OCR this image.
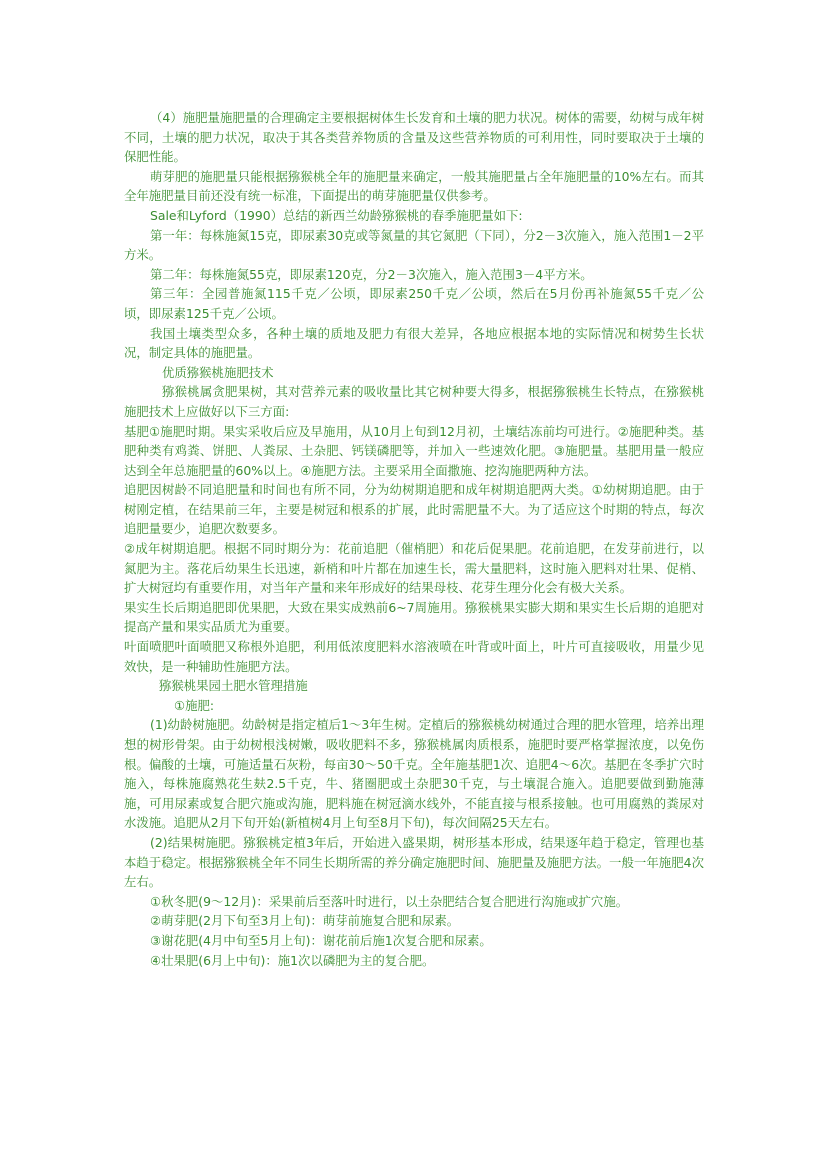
（4）施肥量施肥量的合理确定主要根据树体生长发育和土壤的肥力状况。树体的需要，幼树与成年树不同，土壤的肥力状况，取决于其各类营养物质的含量及这些营养物质的可利用性，同时要取决于土壤的保肥性能。

萌芽肥的施肥量只能根据猕猴桃全年的施肥量来确定，一般其施肥量占全年施肥量的10%左右。而其全年施肥量目前还没有统一标准，下面提出的萌芽施肥量仅供参考。

Sale和Lyford（1990）总结的新西兰幼龄猕猴桃的春季施肥量如下:

第一年：每株施氮15克，即尿素30克或等氮量的其它氮肥（下同），分2－3次施入，施入范围1－2平方米。

第二年：每株施氮55克，即尿素120克，分2－3次施入，施入范围3－4平方米。

第三年：全园普施氮115千克／公顷，即尿素250千克／公顷，然后在5月份再补施氮55千克／公顷，即尿素125千克／公顷。

我国土壤类型众多，各种土壤的质地及肥力有很大差异，各地应根据本地的实际情况和树势生长状况，制定具体的施肥量。

优质猕猴桃施肥技术

猕猴桃属贪肥果树，其对营养元素的吸收量比其它树种要大得多，根据猕猴桃生长特点，在猕猴桃施肥技术上应做好以下三方面:

基肥①施肥时期。果实采收后应及早施用，从10月上旬到12月初，土壤结冻前均可进行。②施肥种类。基肥种类有鸡粪、饼肥、人粪尿、土杂肥、钙镁磷肥等，并加入一些速效化肥。③施肥量。基肥用量一般应达到全年总施肥量的60%以上。④施肥方法。主要采用全面撒施、挖沟施肥两种方法。

追肥因树龄不同追肥量和时间也有所不同，分为幼树期追肥和成年树期追肥两大类。①幼树期追肥。由于树刚定植，在结果前三年，主要是树冠和根系的扩展，此时需肥量不大。为了适应这个时期的特点，每次追肥量要少，追肥次数要多。

②成年树期追肥。根据不同时期分为：花前追肥（催梢肥）和花后促果肥。花前追肥，在发芽前进行，以氮肥为主。落花后幼果生长迅速，新梢和叶片都在加速生长，需大量肥料，这时施入肥料对壮果、促梢、扩大树冠均有重要作用，对当年产量和来年形成好的结果母枝、花芽生理分化会有极大关系。

果实生长后期追肥即优果肥，大致在果实成熟前6~7周施用。猕猴桃果实膨大期和果实生长后期的追肥对提高产量和果实品质尤为重要。

叶面喷肥叶面喷肥又称根外追肥，利用低浓度肥料水溶液喷在叶背或叶面上，叶片可直接吸收，用量少见效快，是一种辅助性施肥方法。

猕猴桃果园土肥水管理措施

①施肥:

(1)幼龄树施肥。幼龄树是指定植后1～3年生树。定植后的猕猴桃幼树通过合理的肥水管理，培养出理想的树形骨架。由于幼树根浅树嫩，吸收肥料不多，猕猴桃属肉质根系，施肥时要严格掌握浓度，以免伤根。偏酸的土壤，可施适量石灰粉，每亩30～50千克。全年施基肥1次、追肥4～6次。基肥在冬季扩穴时施入，每株施腐熟花生麸2.5千克，牛、猪圈肥或土杂肥30千克，与土壤混合施入。追肥要做到勤施薄施，可用尿素或复合肥穴施或沟施，肥料施在树冠滴水线外，不能直接与根系接触。也可用腐熟的粪尿对水泼施。追肥从2月下旬开始(新植树4月上旬至8月下旬)，每次间隔25天左右。

(2)结果树施肥。猕猴桃定植3年后，开始进入盛果期，树形基本形成，结果逐年趋于稳定，管理也基本趋于稳定。根据猕猴桃全年不同生长期所需的养分确定施肥时间、施肥量及施肥方法。一般一年施肥4次左右。

①秋冬肥(9～12月)：采果前后至落叶时进行，以土杂肥结合复合肥进行沟施或扩穴施。

②萌芽肥(2月下旬至3月上旬)：萌芽前施复合肥和尿素。

③谢花肥(4月中旬至5月上旬)：谢花前后施1次复合肥和尿素。

④壮果肥(6月上中旬)：施1次以磷肥为主的复合肥。
